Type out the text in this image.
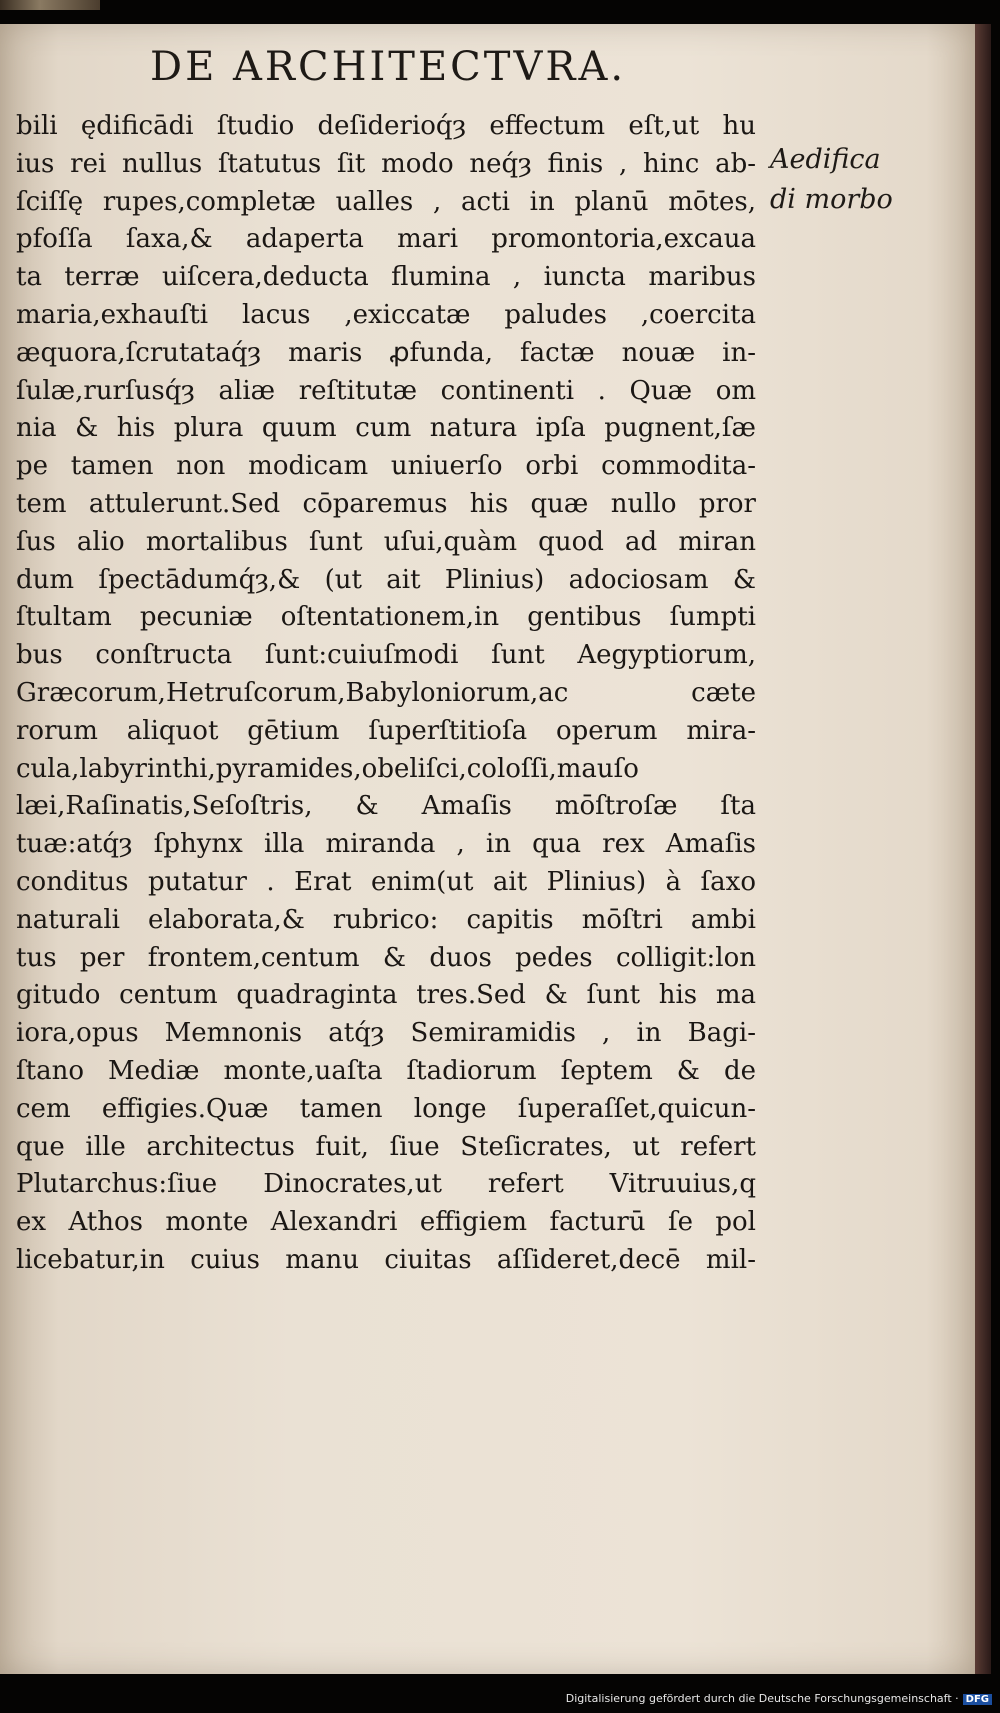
DE ARCHITECTVRA.
Aedifica
di morbo
bili ędificādi ſtudio deſiderioq́ȝ effectum eſt,ut hu
ius rei nullus ſtatutus ſit modo neq́ȝ finis , hinc ab-
ſciſſę rupes,completæ ualles , acti in planū mōtes,
pfoſſa ſaxa,& adaperta mari promontoria,excaua
ta terræ uiſcera,deducta flumina , iuncta maribus
maria,exhauſti lacus ,exiccatæ paludes ,coercita
æquora,ſcrutataq́ȝ maris ꝓfunda, factæ nouæ in-
ſulæ,rurſusq́ȝ aliæ reſtitutæ continenti . Quæ om
nia & his plura quum cum natura ipſa pugnent,ſæ
pe tamen non modicam uniuerſo orbi commodita-
tem attulerunt.Sed cōparemus his quæ nullo pror
ſus alio mortalibus ſunt uſui,quàm quod ad miran
dum ſpectādumq́ȝ,& (ut ait Plinius) adociosam &
ſtultam pecuniæ oſtentationem,in gentibus ſumpti
bus conſtructa ſunt:cuiuſmodi ſunt Aegyptiorum,
Græcorum,Hetruſcorum,Babyloniorum,ac cæte
rorum aliquot gētium ſuperſtitioſa operum mira-
cula,labyrinthi,pyramides,obeliſci,coloſſi,mauſo
læi,Raſinatis,Seſoſtris, & Amaſis mōſtroſæ ſta
tuæ:atq́ȝ ſphynx illa miranda , in qua rex Amaſis
conditus putatur . Erat enim(ut ait Plinius) à ſaxo
naturali elaborata,& rubrico: capitis mōſtri ambi
tus per frontem,centum & duos pedes colligit:lon
gitudo centum quadraginta tres.Sed & ſunt his ma
iora,opus Memnonis atq́ȝ Semiramidis , in Bagi-
ſtano Mediæ monte,uaſta ſtadiorum ſeptem & de
cem effigies.Quæ tamen longe ſuperaſſet,quicun-
que ille architectus fuit, ſiue Steſicrates, ut refert
Plutarchus:ſiue Dinocrates,ut refert Vitruuius,q
ex Athos monte Alexandri effigiem facturū ſe pol
licebatur,in cuius manu ciuitas aſſideret,decē mil-
Digitalisierung gefördert durch die Deutsche Forschungsgemeinschaft · DFG
